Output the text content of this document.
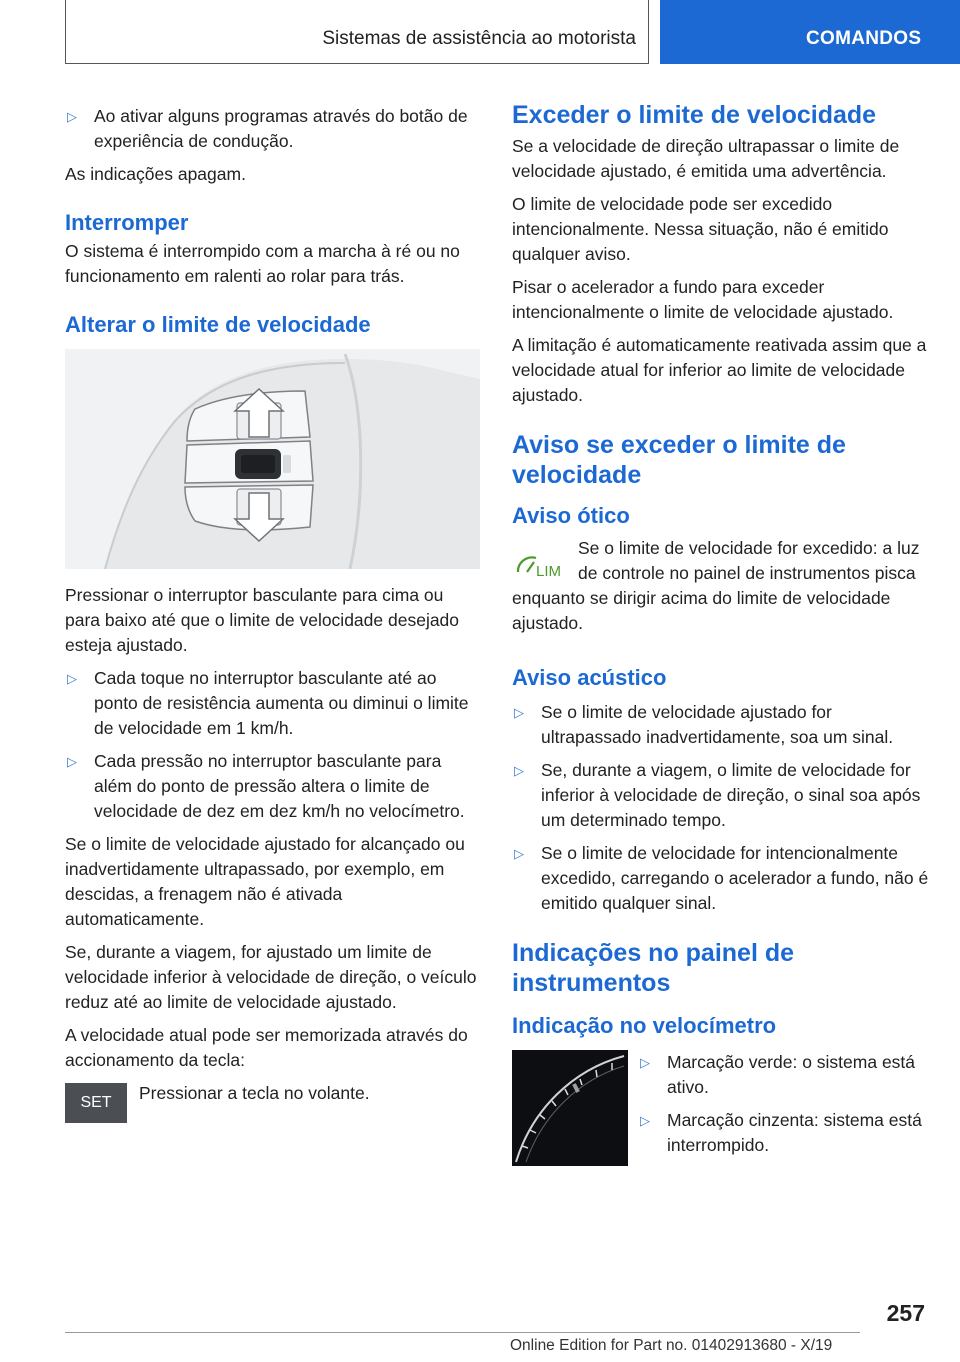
Sistemas de assistência ao motorista	COMANDOS
▷ Ao ativar alguns programas através do botão de experiência de condução.

As indicações apagam.

Interromper

O sistema é interrompido com a marcha à ré ou no funcionamento em ralenti ao rolar para trás.

Alterar o limite de velocidade

Pressionar o interruptor basculante para cima ou para baixo até que o limite de velocidade desejado esteja ajustado.

▷ Cada toque no interruptor basculante até ao ponto de resistência aumenta ou diminui o limite de velocidade em 1 km/h.
▷ Cada pressão no interruptor basculante para além do ponto de pressão altera o limite de velocidade de dez em dez km/h no velocímetro.

Se o limite de velocidade ajustado for alcançado ou inadvertidamente ultrapassado, por exemplo, em descidas, a frenagem não é ativada automaticamente.

Se, durante a viagem, for ajustado um limite de velocidade inferior à velocidade de direção, o veículo reduz até ao limite de velocidade ajustado.

A velocidade atual pode ser memorizada através do accionamento da tecla:

SET	Pressionar a tecla no volante.

Exceder o limite de velocidade

Se a velocidade de direção ultrapassar o limite de velocidade ajustado, é emitida uma advertência.

O limite de velocidade pode ser excedido intencionalmente. Nessa situação, não é emitido qualquer aviso.

Pisar o acelerador a fundo para exceder intencionalmente o limite de velocidade ajustado.

A limitação é automaticamente reativada assim que a velocidade atual for inferior ao limite de velocidade ajustado.

Aviso se exceder o limite de velocidade
Aviso ótico
LIM

Se o limite de velocidade for excedido: a luz de controle no painel de instrumentos pisca enquanto se dirigir acima do limite de velocidade ajustado.

Aviso acústico
▷ Se o limite de velocidade ajustado for ultrapassado inadvertidamente, soa um sinal.
▷ Se, durante a viagem, o limite de velocidade for inferior à velocidade de direção, o sinal soa após um determinado tempo.
▷ Se o limite de velocidade for intencionalmente excedido, carregando o acelerador a fundo, não é emitido qualquer sinal.
Indicações no painel de instrumentos
Indicação no velocímetro
▷ Marcação verde: o sistema está ativo.
▷ Marcação cinzenta: sistema está interrompido.
257
Online Edition for Part no. 01402913680 - X/19
